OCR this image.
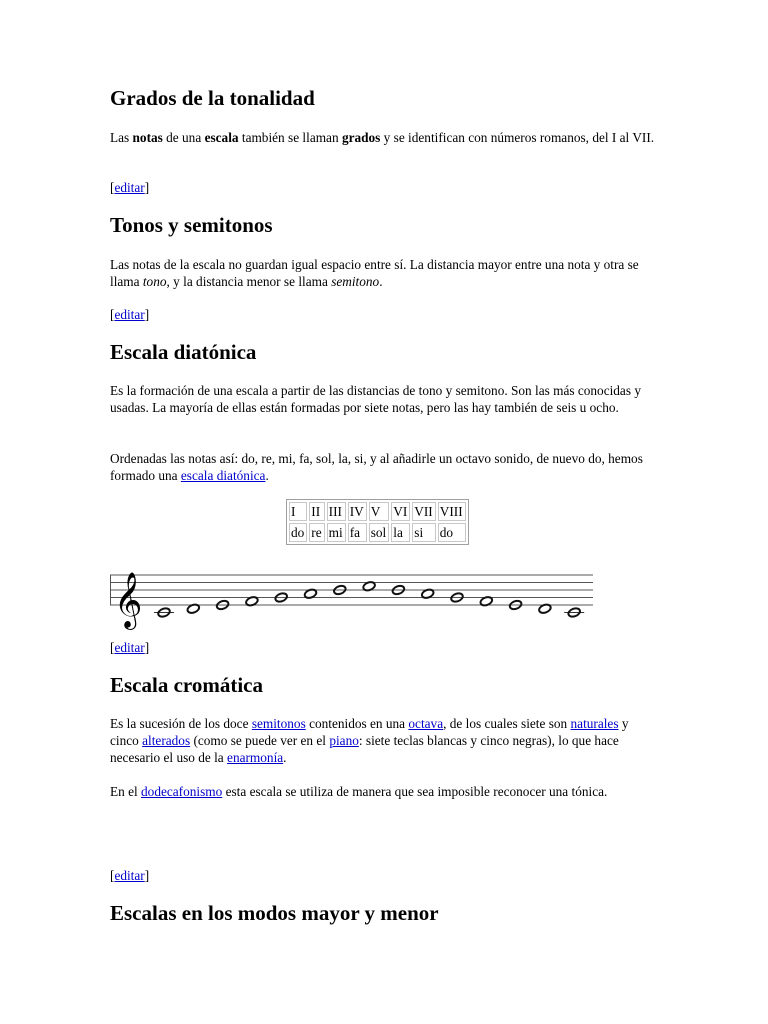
Grados de la tonalidad

Las notas de una escala también se llaman grados y se identifican con números romanos, del I al VII.

[editar]
Tonos y semitonos

Las notas de la escala no guardan igual espacio entre sí. La distancia mayor entre una nota y otra se llama tono, y la distancia menor se llama semitono.

[editar]
Escala diatónica

Es la formación de una escala a partir de las distancias de tono y semitono. Son las más conocidas y usadas. La mayoría de ellas están formadas por siete notas, pero las hay también de seis u ocho.

Ordenadas las notas así: do, re, mi, fa, sol, la, si, y al añadirle un octavo sonido, de nuevo do, hemos formado una escala diatónica.

I	II	III	IV	V	VI	VII	VIII
do	re	mi	fa	sol	la	si	do
𝄞
[editar]
Escala cromática

Es la sucesión de los doce semitonos contenidos en una octava, de los cuales siete son naturales y cinco alterados (como se puede ver en el piano: siete teclas blancas y cinco negras), lo que hace necesario el uso de la enarmonía.

En el dodecafonismo esta escala se utiliza de manera que sea imposible reconocer una tónica.

[editar]
Escalas en los modos mayor y menor
